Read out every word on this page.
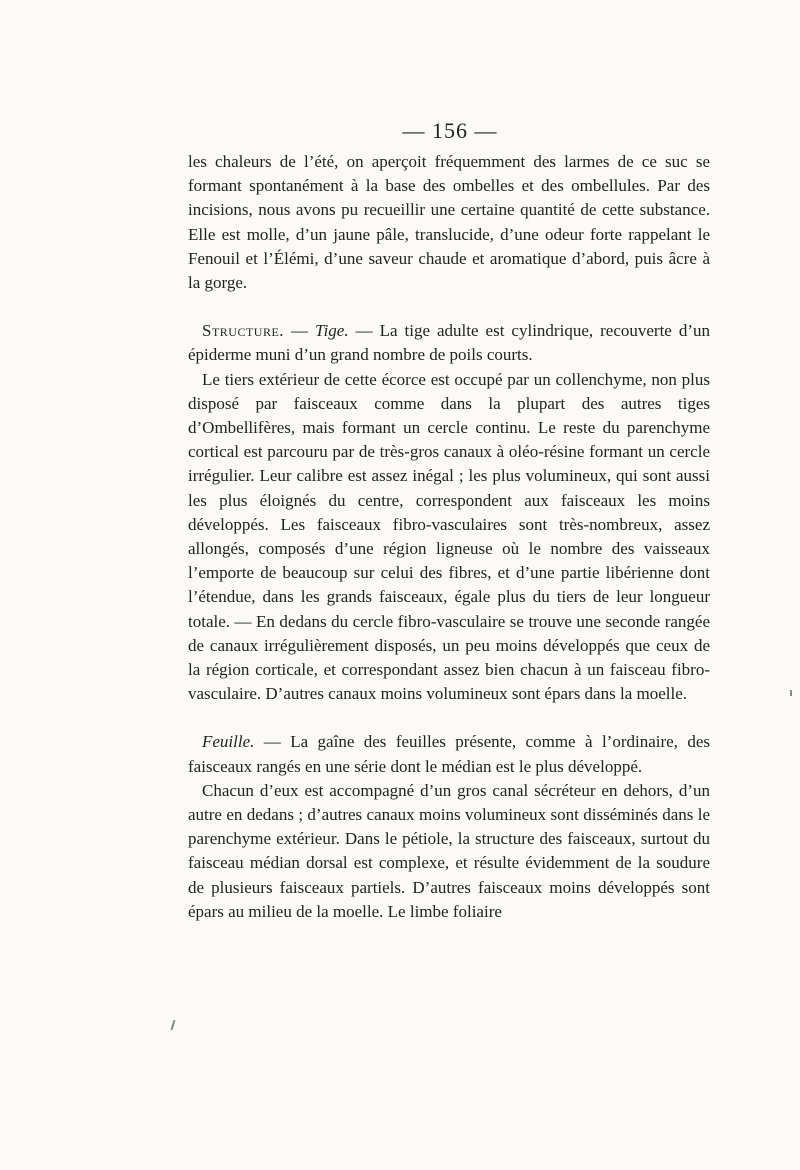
— 156 —

les chaleurs de l’été, on aperçoit fréquemment des larmes de ce suc se formant spontanément à la base des ombelles et des ombellules. Par des incisions, nous avons pu recueillir une certaine quantité de cette substance. Elle est molle, d’un jaune pâle, translucide, d’une odeur forte rappelant le Fenouil et l’Élémi, d’une saveur chaude et aromatique d’abord, puis âcre à la gorge.

Structure. — Tige. — La tige adulte est cylindrique, recouverte d’un épiderme muni d’un grand nombre de poils courts.

Le tiers extérieur de cette écorce est occupé par un collenchyme, non plus disposé par faisceaux comme dans la plupart des autres tiges d’Ombellifères, mais formant un cercle continu. Le reste du parenchyme cortical est parcouru par de très-gros canaux à oléo-résine formant un cercle irrégulier. Leur calibre est assez inégal ; les plus volumineux, qui sont aussi les plus éloignés du centre, correspondent aux faisceaux les moins développés. Les faisceaux fibro-vasculaires sont très-nombreux, assez allongés, composés d’une région ligneuse où le nombre des vaisseaux l’emporte de beaucoup sur celui des fibres, et d’une partie libérienne dont l’étendue, dans les grands faisceaux, égale plus du tiers de leur longueur totale. — En dedans du cercle fibro-vasculaire se trouve une seconde rangée de canaux irrégulièrement disposés, un peu moins développés que ceux de la région corticale, et correspondant assez bien chacun à un faisceau fibro-vasculaire. D’autres canaux moins volumineux sont épars dans la moelle.

Feuille. — La gaîne des feuilles présente, comme à l’ordinaire, des faisceaux rangés en une série dont le médian est le plus développé.

Chacun d’eux est accompagné d’un gros canal sécréteur en dehors, d’un autre en dedans ; d’autres canaux moins volumineux sont disséminés dans le parenchyme extérieur. Dans le pétiole, la structure des faisceaux, surtout du faisceau médian dorsal est complexe, et résulte évidemment de la soudure de plusieurs faisceaux partiels. D’autres faisceaux moins développés sont épars au milieu de la moelle. Le limbe foliaire
